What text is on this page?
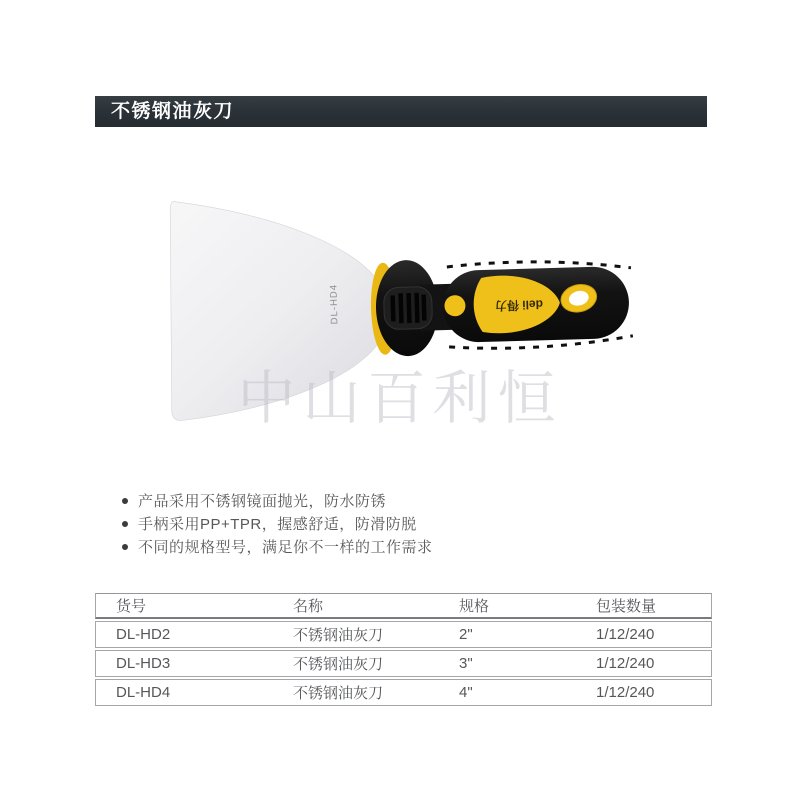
不锈钢油灰刀
DL-HD4	deli 得力
中山百利恒
产品采用不锈钢镜面抛光，防水防锈
手柄采用PP+TPR，握感舒适，防滑防脱
不同的规格型号，满足你不一样的工作需求
货号	名称	规格	包装数量
DL-HD2	不锈钢油灰刀	2"	1/12/240
DL-HD3	不锈钢油灰刀	3"	1/12/240
DL-HD4	不锈钢油灰刀	4"	1/12/240
